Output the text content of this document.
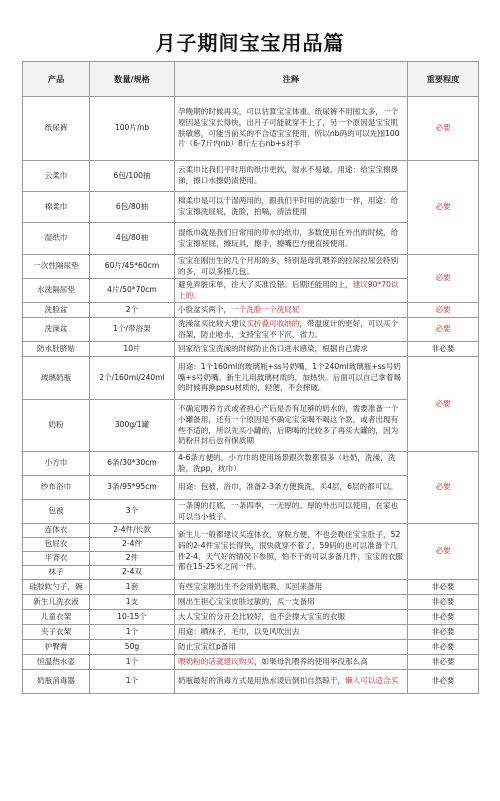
月子期间宝宝用品篇
产品	数量/规格	注释	重要程度
纸尿裤	100片/nb	孕晚期的时候再买，可以估算宝宝体重。纸尿裤不用囤太多，一个原因是宝宝长得快，出月子可能就穿不上了，另一个原因是宝宝肌肤敏感，可能当前买的不合适宝宝使用，所以nb码的可以先囤100片（6-7斤内nb）8斤左右nb+s对半	必要
云柔巾	6包/100抽	云柔巾比我们平时用的纸巾更软，湿水不易破，用途：给宝宝擦鼻涕，擦口水擦奶渍使用。	必要
棉柔巾	6包/80抽	棉柔巾是可以干湿两用的，跟我们平时用的洗脸巾一样，用途：给宝宝擦洗屁屁，洗脸，拍嗝，清洁使用	
湿纸巾	4包/80抽	湿纸巾就是我们日常用的带水的纸巾，多数使用在外出的时候，给宝宝擦屁屁，擦玩具，擦手，擦嘴巴方便直接使用。	
一次性隔尿垫	60片/45*60cm	宝宝在刚出生的几个月用的多，特别是母乳喂养的拉尿拉尿会特别的多，可以多囤几包。	必要
水洗隔尿垫	4片/50*70cm	避免弄脏床单，往大了买准没错。后期还能用的上，建议90*70以上的。	
洗脸盆	2个	小脸盆买两个，一个洗脸一个洗屁屁	必要
洗澡盆	1个/带浴架	洗澡盆买比较大建议买折叠可收纳的，带温度计的更好，可以买个浴架，防止呛水，支持宝宝不下沉，省力。	必要
防水肚脐贴	10片	回家给宝宝洗澡的时候防止伤口进水感染，根据自己需求	非必要
玻璃奶瓶	2个/160ml/240ml	用途：1个160ml的玻璃瓶+ss号奶嘴，1个240ml玻璃瓶+ss号奶嘴+s号奶嘴。新生儿用玻璃材质的，加热快。后面可以自己拿着喝的时候再换ppsu材质的，轻便，不会摔破。	必要
奶粉	300g/1罐	不确定喂养方式或者担心产后是否有足够的奶水的，需要准备一个小罐备用，还有一个原因是不确定宝宝喝不喝这个款，或者出现有些不适的，所以先买小罐的，后期喝的比较多了再买大罐的，因为奶粉开封后也有保质期	
小方巾	6条/30*30cm	4-6条方便的，小方巾的使用场景跟次数都很多（吐奶，洗澡，洗脸，洗pp，枕巾）	必要
纱布浴巾	3条/95*95cm	用途：包被，浴巾，准备2-3条方便换洗，买4层，6层的都可以。	
包被	3个	一条薄的打底，一条四季，一无厚的。厚的外出可以使用，在家也可以当小被子。	
连体衣	2-4件/长款	新生儿一般都建议买连体衣，穿脱方便，不也会勒住宝宝肚子，52码的2-4件宝宝长得快，很快就穿不着了，59码的也可以准备个几件2-4，天气好的情况下参照，怕不干的可以多备几件，宝宝的衣服都在15-25米之间一件。	必要
包屁衣	2-4件		
半背衣	2件		
袜子	2-4双		
硅胶软勺子，碗	1套	有些宝宝刚出生不会用奶瓶吸，买回来备用	非必要
新生儿洗衣液	1支	刚出生担心宝宝皮肤过敏的，买一支备用	非必要
儿童衣架	10-15个	大人宝宝的分开会比较好，也不会撑大宝宝的衣服	非必要
夹子衣架	1个	用途：晒袜子，毛巾，以免风吹出去	非必要
护臀膏	50g	防止宝宝红p备用	非必要
恒温热水壶	1个	喂奶粉的话就建议购买，如果母乳喂养的使用率没那么高	非必要
奶瓶消毒器	1个	奶瓶最好的消毒方式是用热水烫后倒扣自然晾干，懒人可以适合买	非必要
